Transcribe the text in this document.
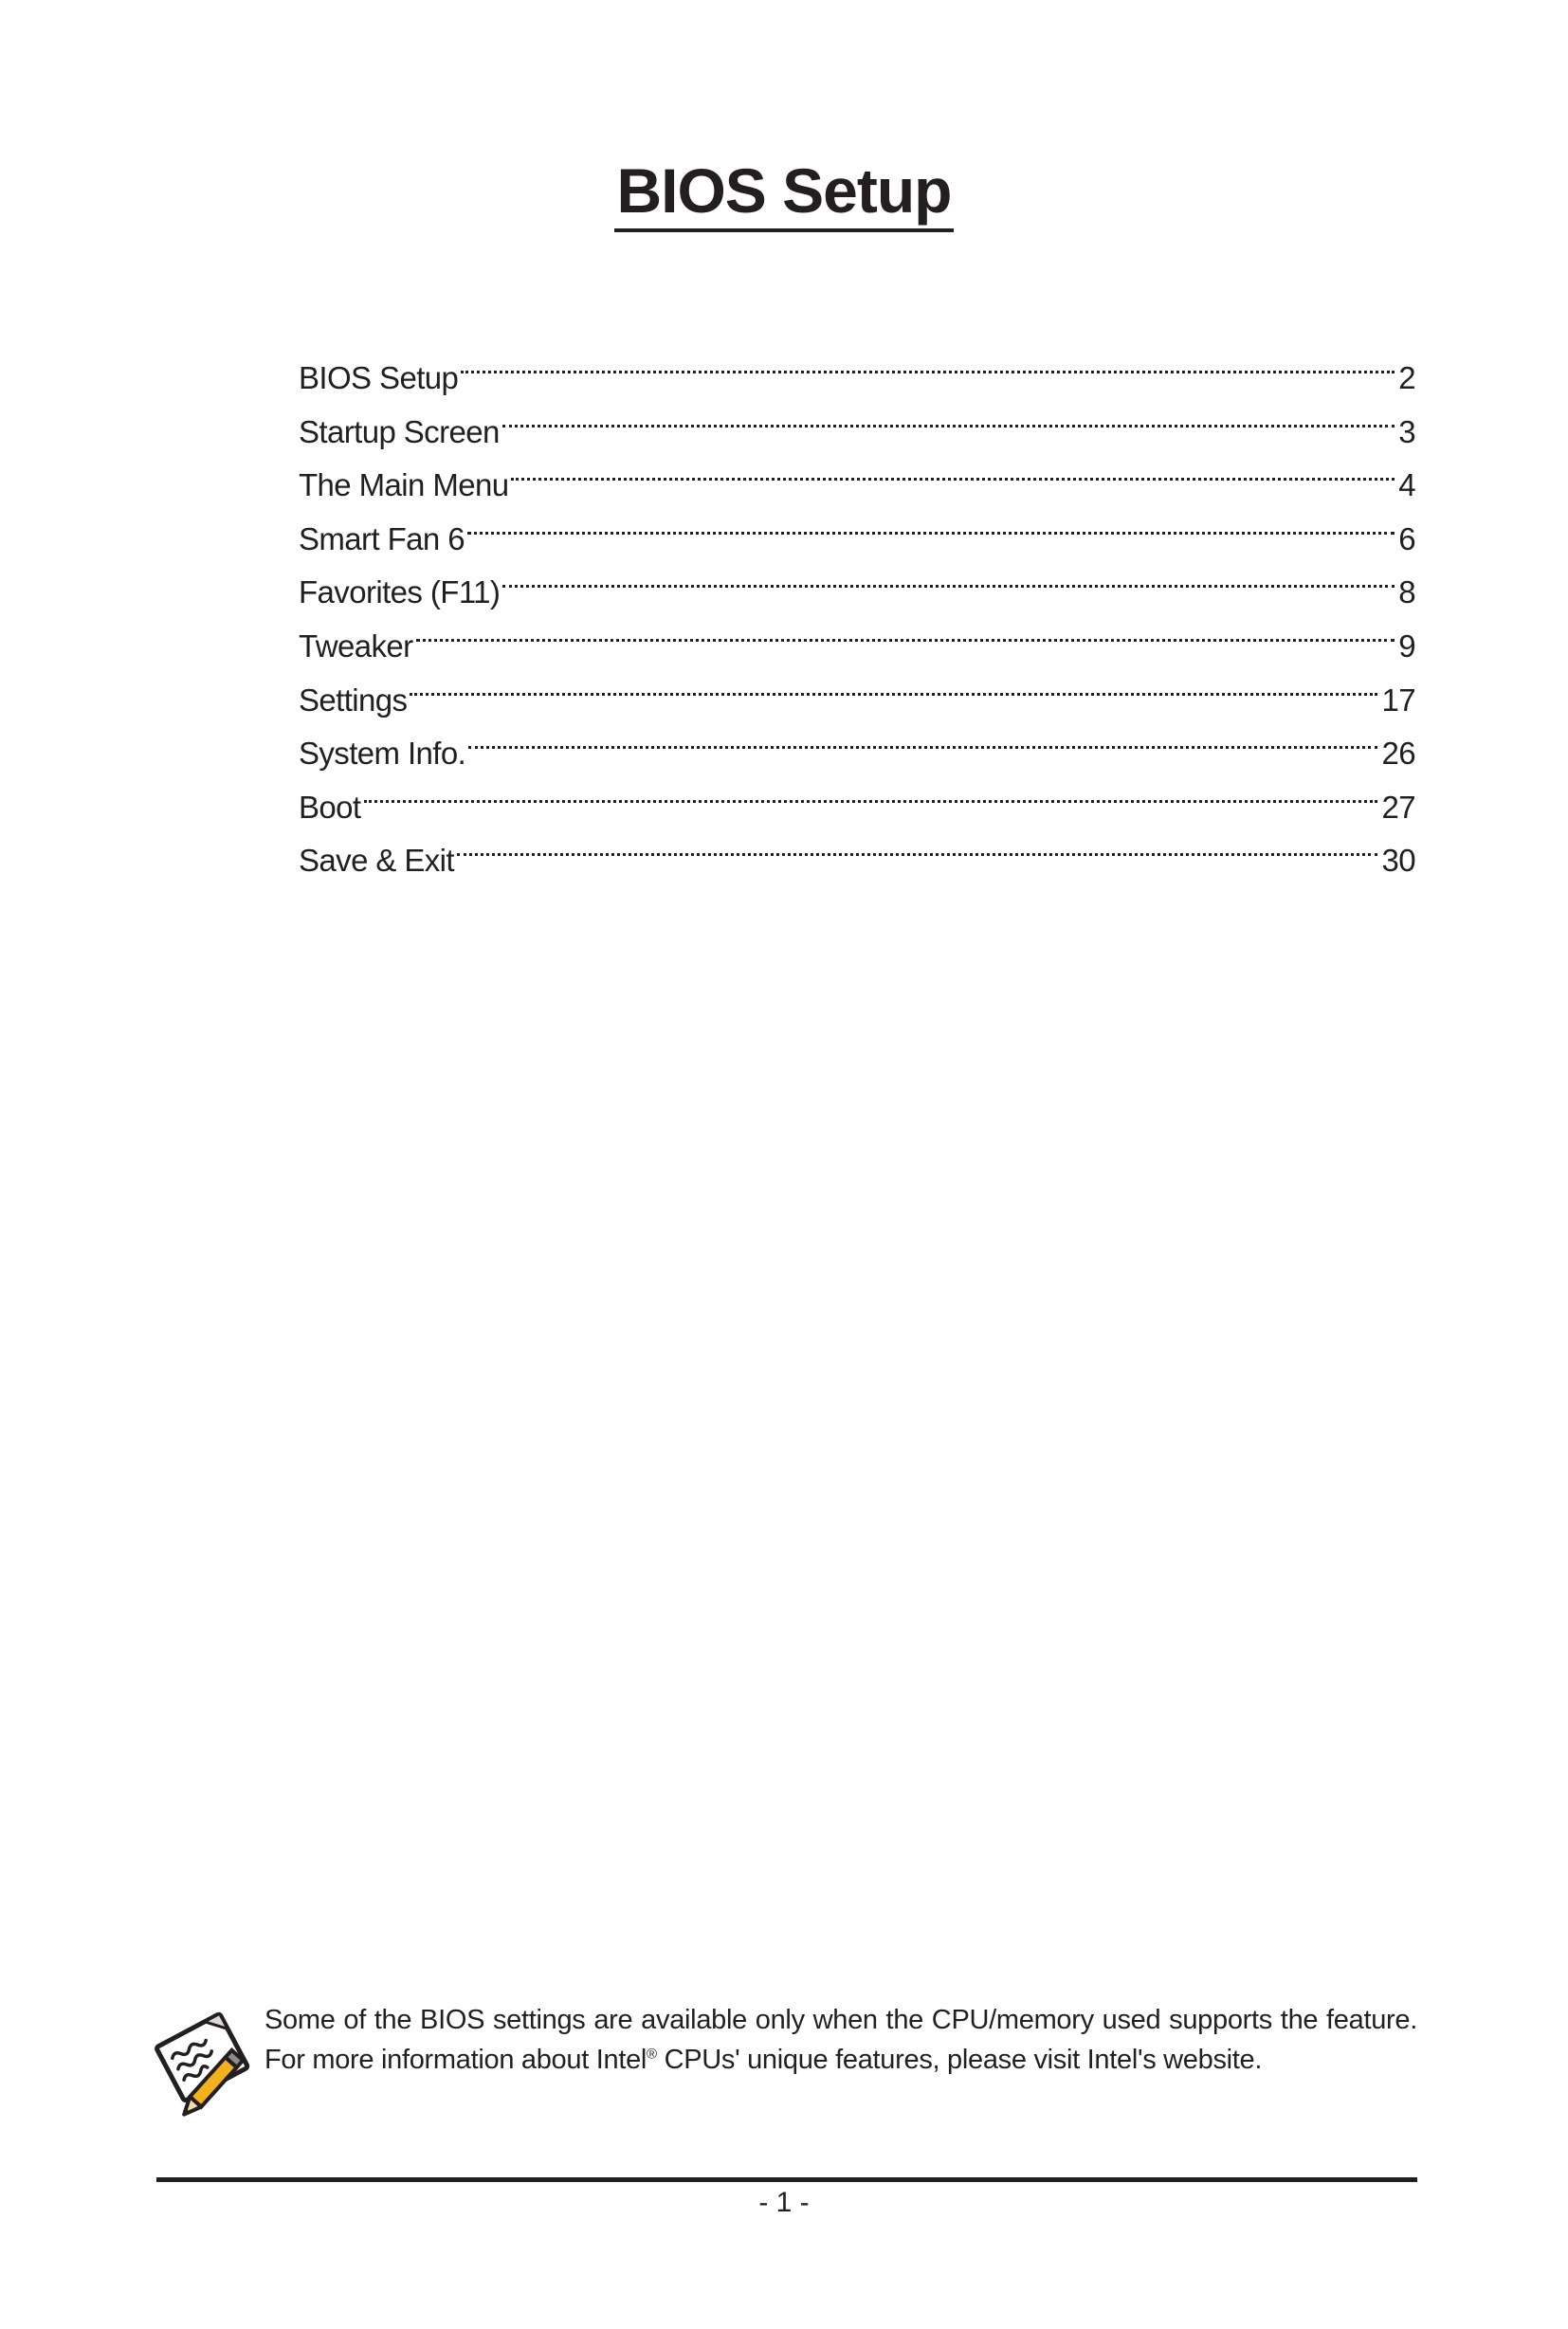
BIOS Setup
BIOS Setup	2
Startup Screen	3
The Main Menu	4
Smart Fan 6	6
Favorites (F11)	8
Tweaker	9
Settings	17
System Info.	26
Boot	27
Save & Exit	30
Some of the BIOS settings are available only when the CPU/memory used supports the feature.
For more information about Intel® CPUs' unique features, please visit Intel's website.
- 1 -
